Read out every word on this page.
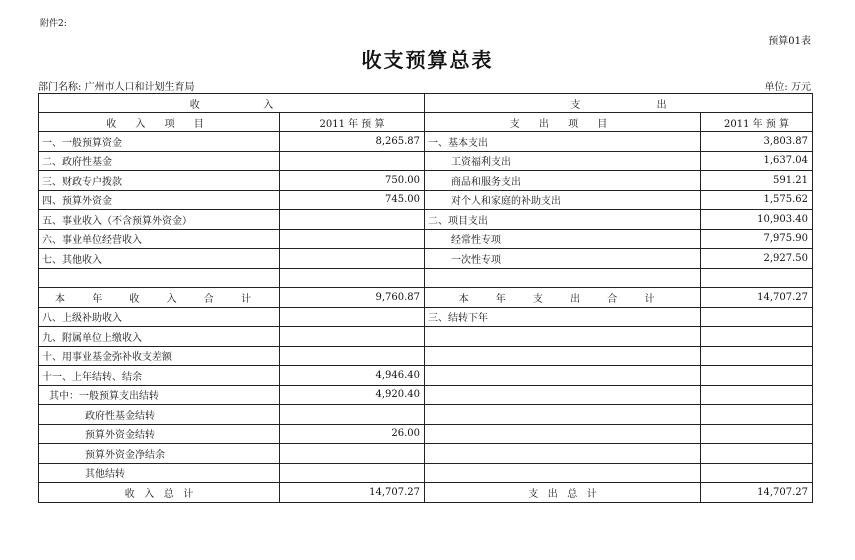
附件2:
预算01表
收支预算总表
部门名称: 广州市人口和计划生育局	单位: 万元
收                    入		支                        出	
收 入 项 目	2011 年 预 算	支 出 项 目	2011 年 预 算
一、一般预算资金	8,265.87	一、基本支出	3,803.87
二、政府性基金		工资福利支出	1,637.04
三、财政专户拨款	750.00	商品和服务支出	591.21
四、预算外资金	745.00	对个人和家庭的补助支出	1,575.62
五、事业收入（不含预算外资金）		二、项目支出	10,903.40
六、事业单位经营收入		经常性专项	7,975.90
七、其他收入		一次性专项	2,927.50

本 年 收 入 合 计	9,760.87	本 年 支 出 合 计	14,707.27
八、上级补助收入		三、结转下年	
九、附属单位上缴收入			
十、用事业基金弥补收支差额			
十一、上年结转、结余	4,946.40		
其中：一般预算支出结转	4,920.40		
政府性基金结转			
预算外资金结转	26.00		
预算外资金净结余			
其他结转			
收   入   总   计	14,707.27	支   出   总   计	14,707.27
